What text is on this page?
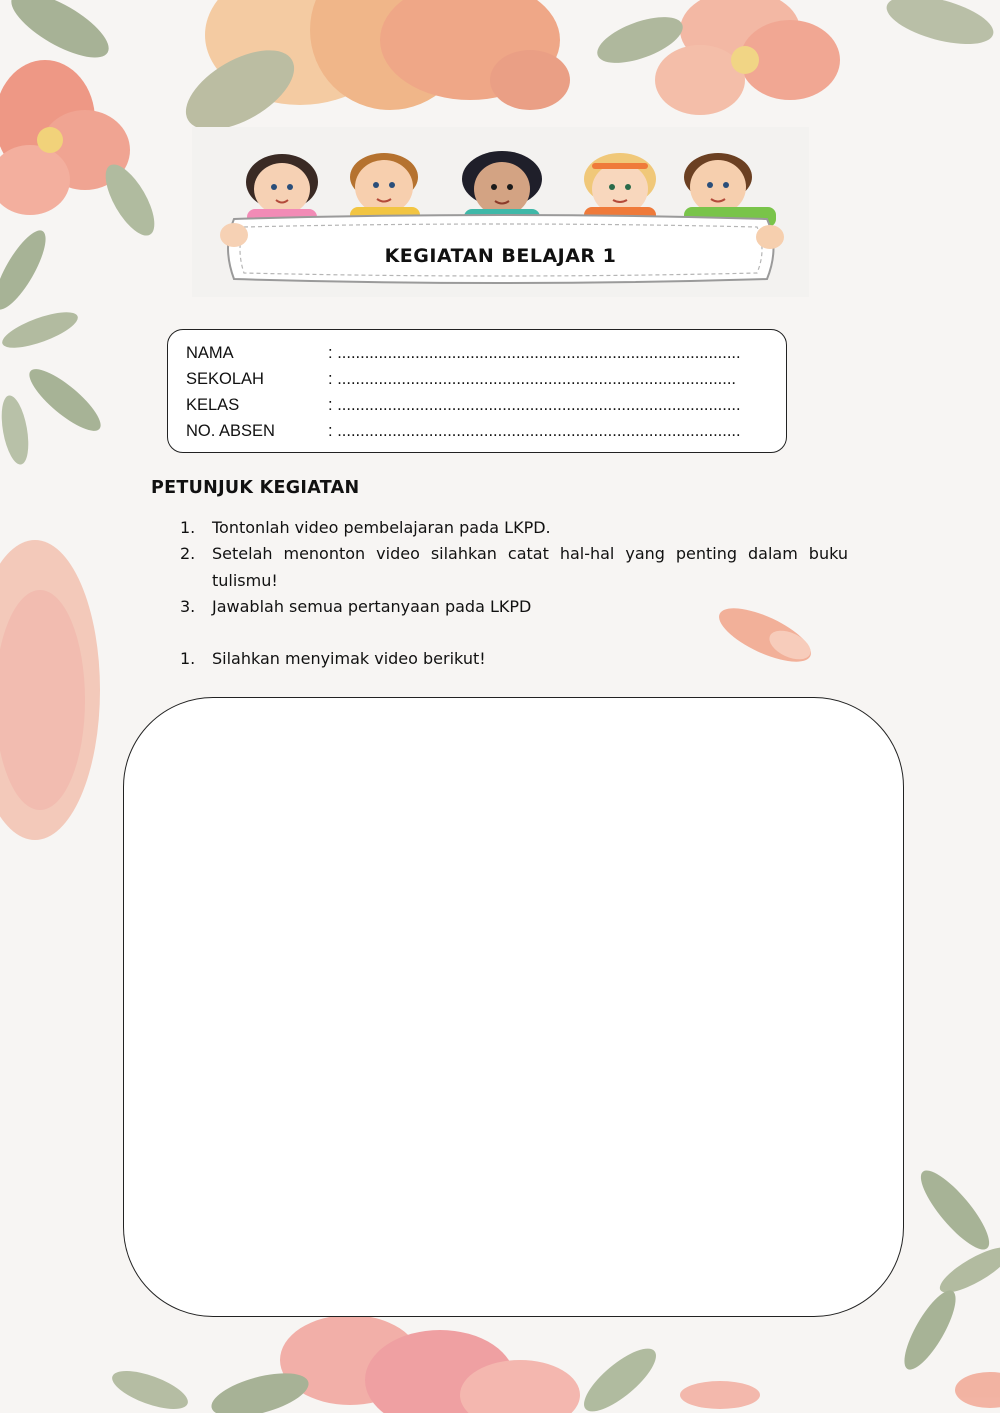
KEGIATAN BELAJAR 1
NAMA	: ........................................................................................
SEKOLAH	: .......................................................................................
KELAS	: ........................................................................................
NO. ABSEN	: ........................................................................................
PETUNJUK KEGIATAN
1. Tontonlah video pembelajaran pada LKPD.
2. Setelah menonton video silahkan catat hal-hal yang penting dalam buku tulismu!
3. Jawablah semua pertanyaan pada LKPD
1. Silahkan menyimak video berikut!
